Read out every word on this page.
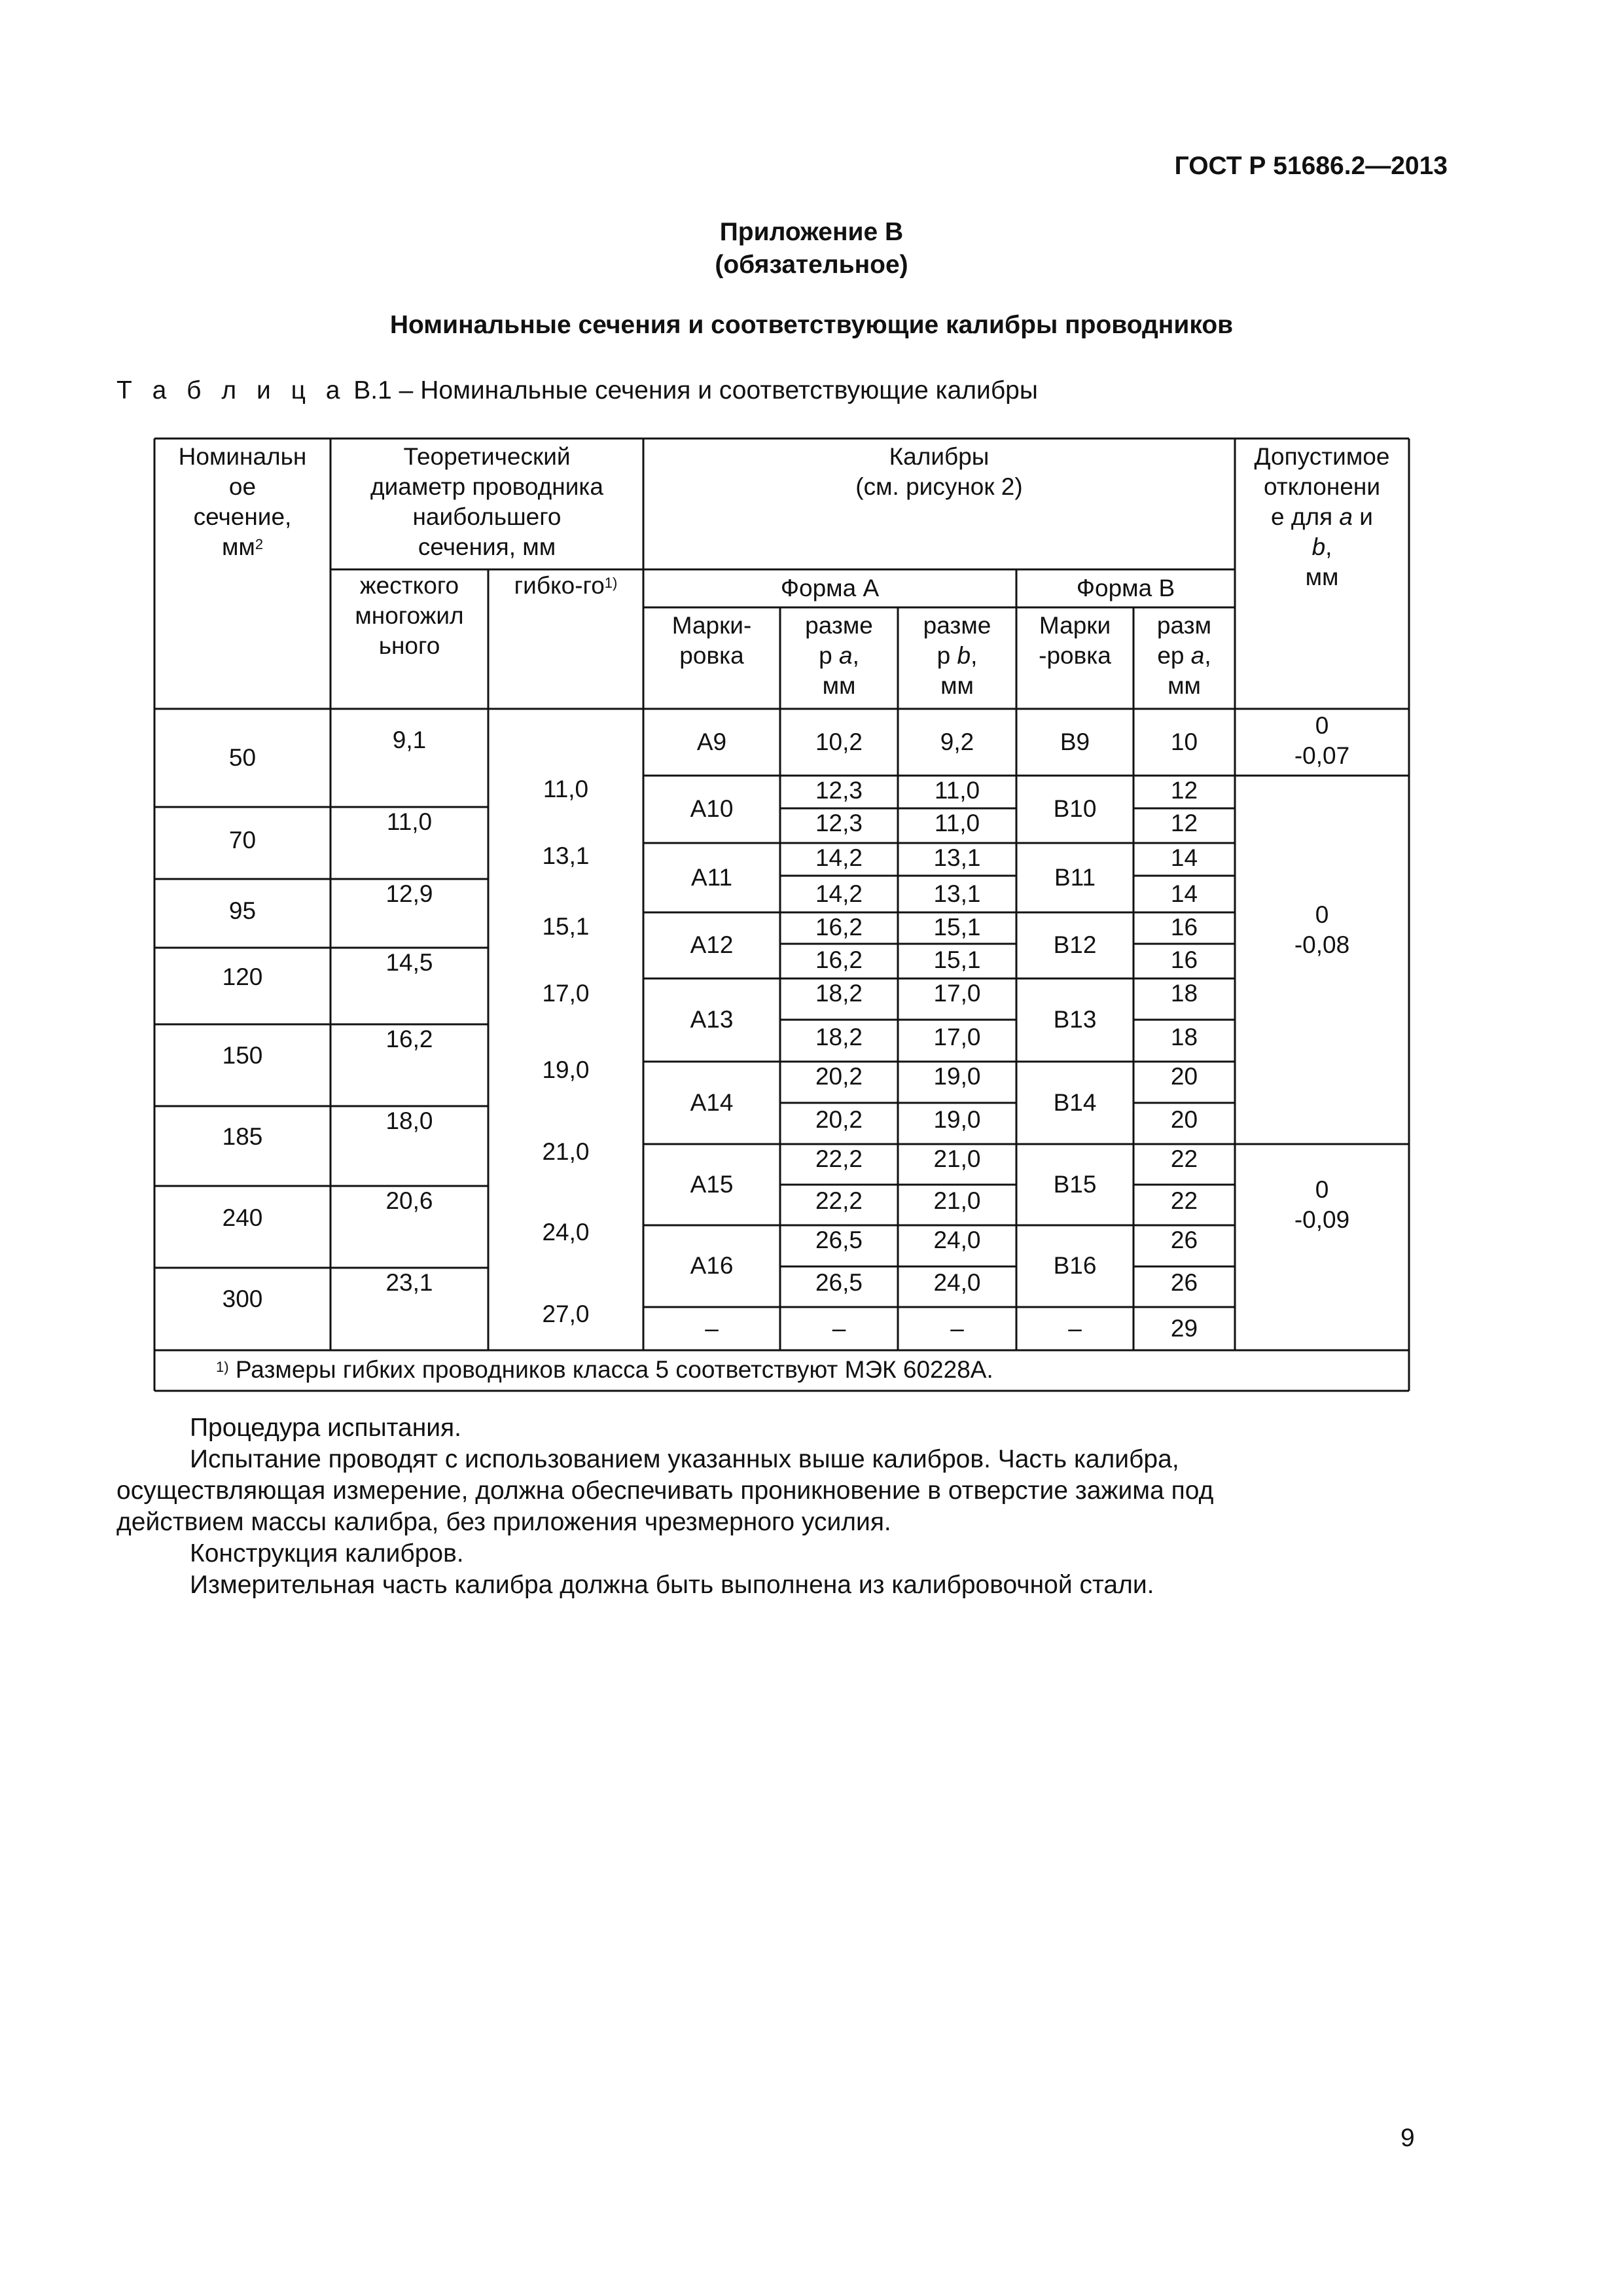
ГОСТ Р 51686.2—2013
Приложение В
(обязательное)
Номинальные сечения и соответствующие калибры проводников
Т а б л и ц а В.1 – Номинальные сечения и соответствующие калибры
Номинальн
ое
сечение,
$мм^2$
Теоретический
диаметр проводника
наибольшего
сечения, мм
жесткого
многожил
ьного
гибко-$го^{1)}$
Калибры
(см. рисунок 2)
Форма А	Форма В
Марки-
ровка
разме
р a,
мм
разме
р b,
мм
Марки
-ровка
разм
ер a,
мм
Допустимое
отклонени
е для a и
b,
мм
50
70
95
120
150
185
240
300
9,1
11,0
12,9
14,5
16,2
18,0
20,6
23,1
11,0
13,1
15,1
17,0
19,0
21,0
24,0
27,0
А9
А10
А11
А12
А13
А14
А15
А16
–
В9
В10
В11
В12
В13
В14
В15
В16
–
10,2
12,3
12,3
14,2
14,2
16,2
16,2
18,2
18,2
20,2
20,2
22,2
22,2
26,5
26,5
–
9,2
11,0
11,0
13,1
13,1
15,1
15,1
17,0
17,0
19,0
19,0
21,0
21,0
24,0
24,0
–
10
12
12
14
14
16
16
18
18
20
20
22
22
26
26
29
0
-0,07
0
-0,08
0
-0,09
$^{1)}$ Размеры гибких проводников класса 5 соответствуют МЭК 60228А.
Процедура испытания.
Испытание проводят с использованием указанных выше калибров. Часть калибра,
осуществляющая измерение, должна обеспечивать проникновение в отверстие зажима под
действием массы калибра, без приложения чрезмерного усилия.
Конструкция калибров.
Измерительная часть калибра должна быть выполнена из калибровочной стали.
9
